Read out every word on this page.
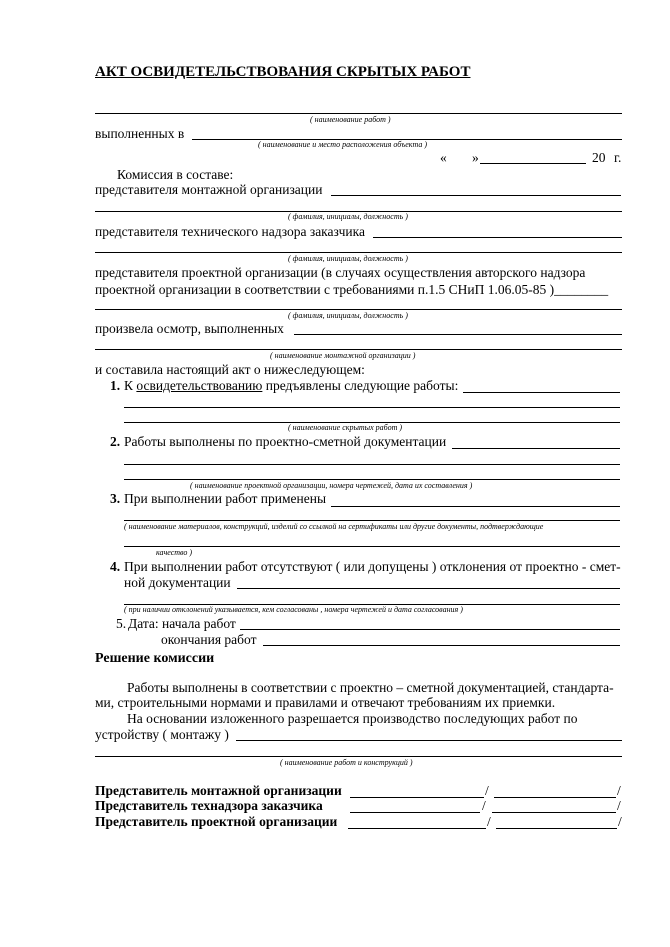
АКТ ОСВИДЕТЕЛЬСТВОВАНИЯ СКРЫТЫХ РАБОТ
( наименование работ )
выполненных в
( наименование и место расположения объекта )
« »	20 г.
Комиссия в составе:
представителя монтажной организации
( фамилия, инициалы, должность )
представителя технического надзора заказчика
( фамилия, инициалы, должность )
представителя проектной организации (в случаях осуществления авторского надзора
проектной организации в соответствии с требованиями п.1.5 СНиП 1.06.05-85 )________
( фамилия, инициалы, должность )
произвела осмотр, выполненных
( наименование монтажной организации )
и составила настоящий акт о нижеследующем:
1. К освидетельствованию предъявлены следующие работы:
( наименование скрытых работ )
2. Работы выполнены по проектно-сметной документации
( наименование проектной организации, номера чертежей, дата их составления )
3. При выполнении работ применены
( наименование материалов, конструкций, изделий со ссылкой на сертификаты или другие документы, подтверждающие
качество )
4. При выполнении работ отсутствуют ( или допущены ) отклонения от проектно - смет-
ной документации
( при наличии отклонений указывается, кем согласованы , номера чертежей и дата согласования )
5. Дата: начала работ
окончания работ
Решение комиссии
Работы выполнены в соответствии с проектно – сметной документацией, стандарта-
ми, строительными нормами и правилами и отвечают требованиям их приемки.
На основании изложенного разрешается производство последующих работ по
устройству ( монтажу )
( наименование работ и конструкций )
Представитель монтажной организации	/	/
Представитель технадзора заказчика	/	/
Представитель проектной организации	/	/
